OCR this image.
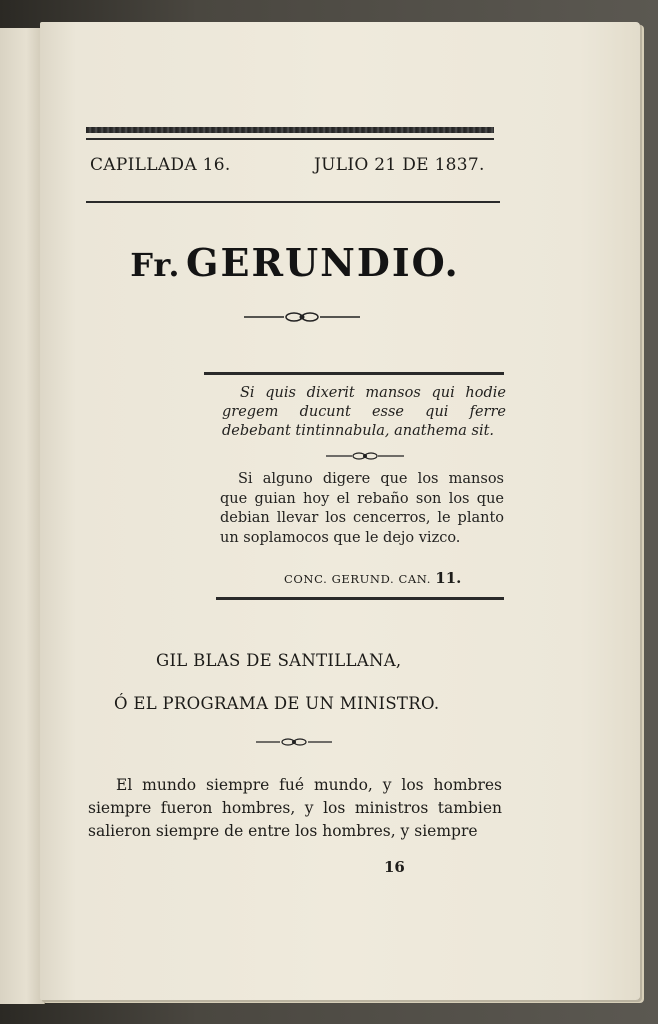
CAPILLADA 16.	JULIO 21 DE 1837.
Fr. GERUNDIO.
Si quis dixerit mansos qui hodie gregem ducunt esse qui ferre debebant tintinnabula, anathema sit.
Si alguno digere que los mansos que guian hoy el rebaño son los que debian llevar los cencerros, le planto un soplamocos que le dejo vizco.
CONC. GERUND. CAN. 11.
GIL BLAS DE SANTILLANA,
Ó EL PROGRAMA DE UN MINISTRO.
El mundo siempre fué mundo, y los hombres siempre fueron hombres, y los ministros tambien salieron siempre de entre los hombres, y siempre
16
